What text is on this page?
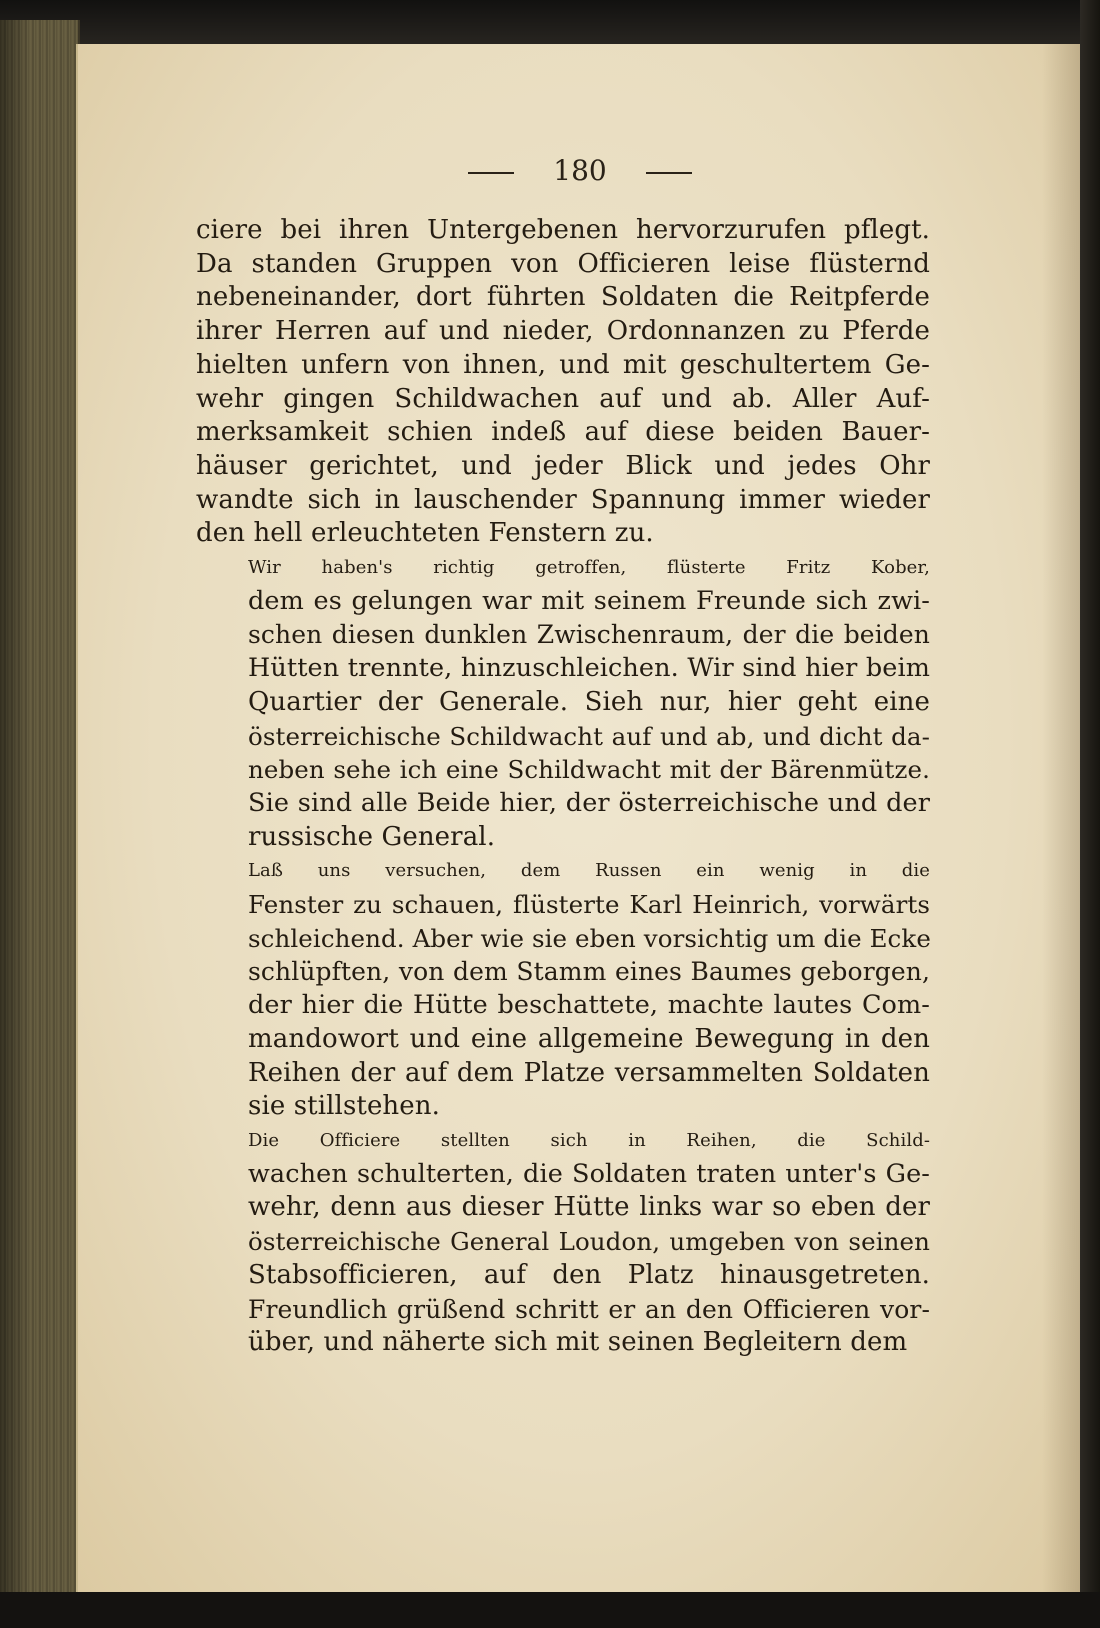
180

ciere bei ihren Untergebenen hervorzurufen pflegt.
Da standen Gruppen von Officieren leise flüsternd
nebeneinander, dort führten Soldaten die Reitpferde
ihrer Herren auf und nieder, Ordonnanzen zu Pferde
hielten unfern von ihnen, und mit geschultertem Ge-
wehr gingen Schildwachen auf und ab. Aller Auf-
merksamkeit schien indeß auf diese beiden Bauer-
häuser gerichtet, und jeder Blick und jedes Ohr
wandte sich in lauschender Spannung immer wieder
den hell erleuchteten Fenstern zu.

Wir haben's richtig getroffen, flüsterte Fritz Kober,
dem es gelungen war mit seinem Freunde sich zwi-
schen diesen dunklen Zwischenraum, der die beiden
Hütten trennte, hinzuschleichen. Wir sind hier beim
Quartier der Generale. Sieh nur, hier geht eine
österreichische Schildwacht auf und ab, und dicht da-
neben sehe ich eine Schildwacht mit der Bärenmütze.
Sie sind alle Beide hier, der österreichische und der
russische General.

Laß uns versuchen, dem Russen ein wenig in die
Fenster zu schauen, flüsterte Karl Heinrich, vorwärts
schleichend. Aber wie sie eben vorsichtig um die Ecke
schlüpften, von dem Stamm eines Baumes geborgen,
der hier die Hütte beschattete, machte lautes Com-
mandowort und eine allgemeine Bewegung in den
Reihen der auf dem Platze versammelten Soldaten
sie stillstehen.

Die Officiere stellten sich in Reihen, die Schild-
wachen schulterten, die Soldaten traten unter's Ge-
wehr, denn aus dieser Hütte links war so eben der
österreichische General Loudon, umgeben von seinen
Stabsofficieren, auf den Platz hinausgetreten.
Freundlich grüßend schritt er an den Officieren vor-
über, und näherte sich mit seinen Begleitern dem
